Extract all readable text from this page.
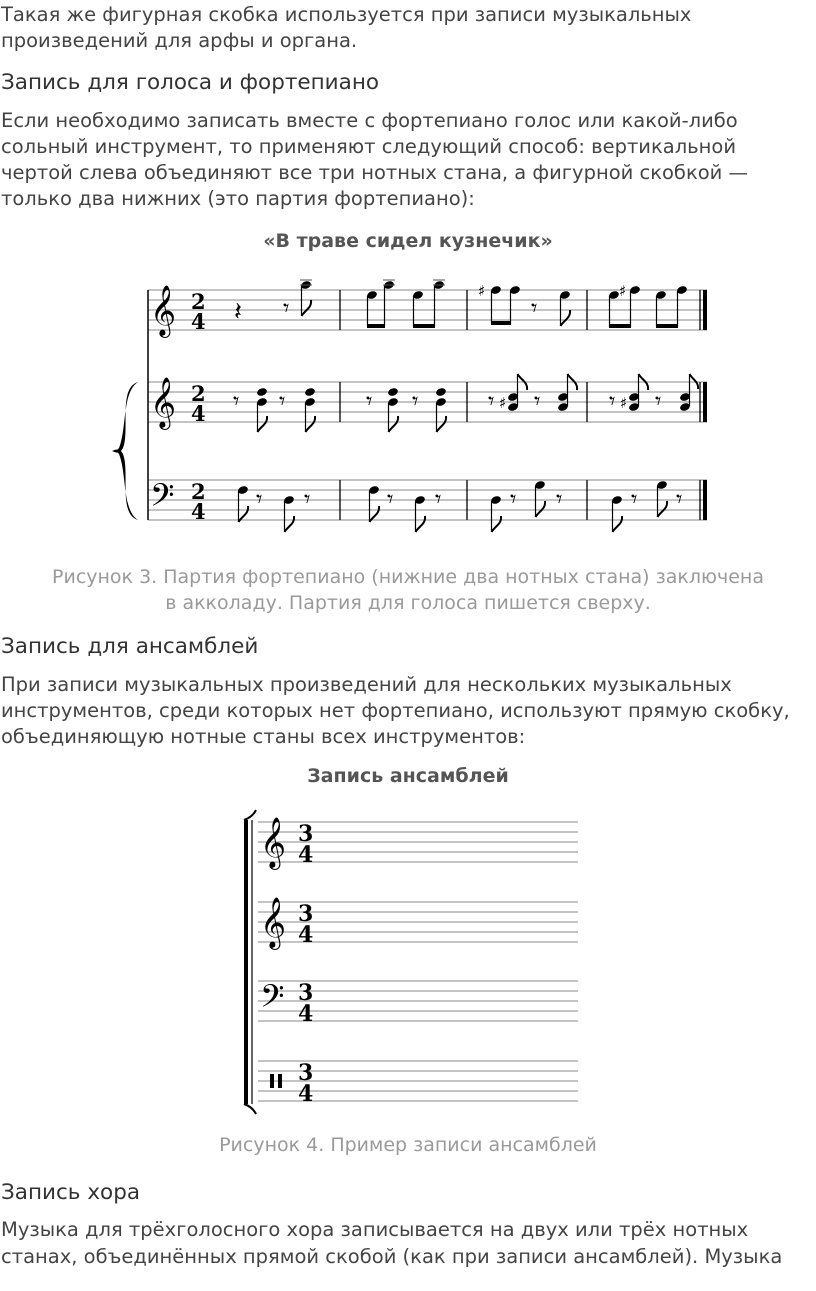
Такая же фигурная скобка используется при записи музыкальных произведений для арфы и органа.

Запись для голоса и фортепиано

Если необходимо записать вместе с фортепиано голос или какой-либо сольный инструмент, то применяют следующий способ: вертикальной чертой слева объединяют все три нотных стана, а фигурной скобкой — только два нижних (это партия фортепиано):

«В траве сидел кузнечик»
𝄞
𝄞
𝄢
2
4
2
4
2
4
𝄽 𝄾
♯
𝄾
♯
𝄾 𝄾	𝄾 𝄾	𝄾 ♯ 𝄾	𝄾 ♯ 𝄾
𝄾 𝄾	𝄾 𝄾	𝄾 𝄾	𝄾 𝄾
Рисунок 3. Партия фортепиано (нижние два нотных стана) заключена
в акколаду. Партия для голоса пишется сверху.
Запись для ансамблей

При записи музыкальных произведений для нескольких музыкальных инструментов, среди которых нет фортепиано, используют прямую скобку, объединяющую нотные станы всех инструментов:

Запись ансамблей
𝄞
𝄞
𝄢
3
4
3
4
3
4
3
4
Рисунок 4. Пример записи ансамблей
Запись хора

Музыка для трёхголосного хора записывается на двух или трёх нотных станах, объединённых прямой скобой (как при записи ансамблей). Музыка
